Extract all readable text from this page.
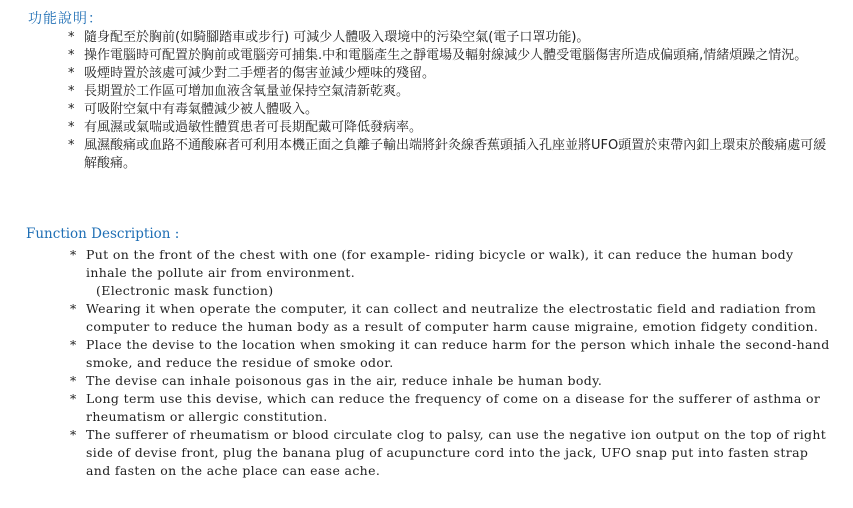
功能說明：
* 隨身配至於胸前(如騎腳踏車或步行) 可減少人體吸入環境中的污染空氣(電子口罩功能)。
* 操作電腦時可配置於胸前或電腦旁可捕集.中和電腦產生之靜電場及輻射線減少人體受電腦傷害所造成偏頭痛,情緒煩躁之情況。
* 吸煙時置於該處可減少對二手煙者的傷害並減少煙味的殘留。
* 長期置於工作區可增加血液含氧量並保持空氣清新乾爽。
* 可吸附空氣中有毒氣體減少被人體吸入。
* 有風濕或氣喘或過敏性體質患者可長期配戴可降低發病率。
* 風濕酸痛或血路不通酸麻者可利用本機正面之負離子輸出端將針灸線香蕉頭插入孔座並將UFO頭置於束帶內釦上環束於酸痛處可緩解酸痛。
Function Description :
* Put on the front of the chest with one (for example- riding bicycle or walk), it can reduce the human body inhale the pollute air from environment.
(Electronic mask function)
* Wearing it when operate the computer, it can collect and neutralize the electrostatic field and radiation from computer to reduce the human body as a result of computer harm cause migraine, emotion fidgety condition.
* Place the devise to the location when smoking it can reduce harm for the person which inhale the second-hand smoke, and reduce the residue of smoke odor.
* The devise can inhale poisonous gas in the air, reduce inhale be human body.
* Long term use this devise, which can reduce the frequency of come on a disease for the sufferer of asthma or rheumatism or allergic constitution.
* The sufferer of rheumatism or blood circulate clog to palsy, can use the negative ion output on the top of right side of devise front, plug the banana plug of acupuncture cord into the jack, UFO snap put into fasten strap and fasten on the ache place can ease ache.
